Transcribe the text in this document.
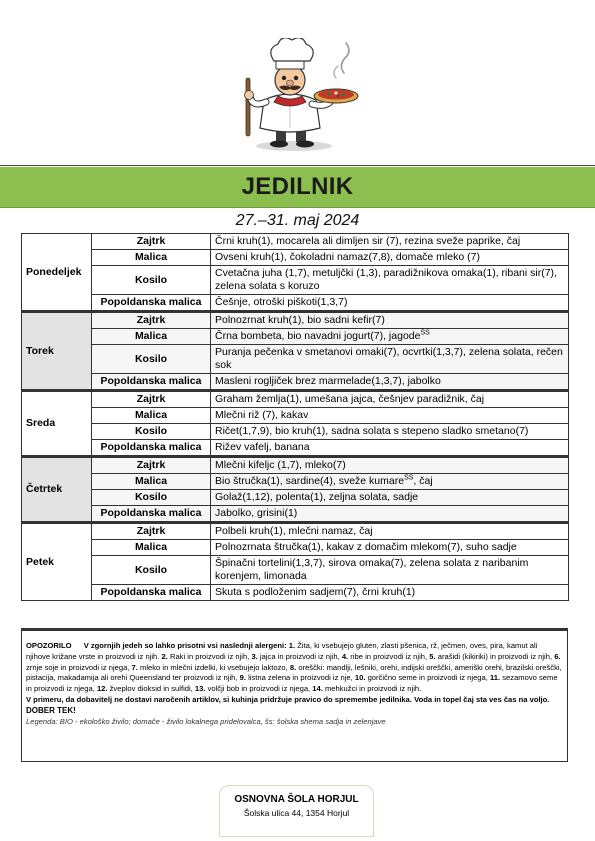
JEDILNIK
27.–31. maj 2024
Ponedeljek	Zajtrk	Črni kruh(1), mocarela ali dimljen sir (7), rezina sveže paprike, čaj
	Malica	Ovseni kruh(1), čokoladni namaz(7,8), domače mleko (7)
	Kosilo	Cvetačna juha (1,7), metuljčki (1,3), paradižnikova omaka(1), ribani sir(7), zelena solata s koruzo
	Popoldanska malica	Češnje, otroški piškoti(1,3,7)
Torek	Zajtrk	Polnozrnat kruh(1), bio sadni kefir(7)
	Malica	Črna bombeta, bio navadni jogurt(7), jagode$^{ŠS}$
	Kosilo	Puranja pečenka v smetanovi omaki(7), ocvrtki(1,3,7), zelena solata, rečen sok
	Popoldanska malica	Masleni rogljiček brez marmelade(1,3,7), jabolko
Sreda	Zajtrk	Graham žemlja(1), umešana jajca, češnjev paradižnik, čaj
	Malica	Mlečni riž (7), kakav
	Kosilo	Ričet(1,7,9), bio kruh(1), sadna solata s stepeno sladko smetano(7)
	Popoldanska malica	Rižev vafelj, banana
Četrtek	Zajtrk	Mlečni kifeljc (1,7), mleko(7)
	Malica	Bio štručka(1), sardine(4), sveže kumare$^{ŠS}$, čaj
	Kosilo	Golaž(1,12), polenta(1), zeljna solata, sadje
	Popoldanska malica	Jabolko, grisini(1)
Petek	Zajtrk	Polbeli kruh(1), mlečni namaz, čaj
	Malica	Polnozrnata štručka(1), kakav z domačim mlekom(7), suho sadje
	Kosilo	Špinačni tortelini(1,3,7), sirova omaka(7), zelena solata z naribanim korenjem, limonada
	Popoldanska malica	Skuta s podloženim sadjem(7), črni kruh(1)
OPOZORILO V zgornjih jedeh so lahko prisotni vsi naslednji alergeni: 1. Žita, ki vsebujejo gluten, zlasti pšenica, rž, ječmen, oves, pira, kamut ali njihove križane vrste in proizvodi iz njih. 2. Raki in proizvodi iz njih, 3. jajca in proizvodi iz njih, 4. ribe in proizvodi iz njih, 5. arašidi (kikiriki) in proizvodi iz njih, 6. zrnje soje in proizvodi iz njega, 7. mleko in mlečni izdelki, ki vsebujejo laktozo, 8. oreščki: mandlji, lešniki, orehi, indijski oreščki, ameriški orehi, brazilski oreščki, pistacija, makadamija ali orehi Queensland ter proizvodi iz njih, 9. listna zelena in proizvodi iz nje, 10. gorčično seme in proizvodi iz njega, 11. sezamovo seme in proizvodi iz njega, 12. žveplov dioksid in sulfidi, 13. volčji bob in proizvodi iz njega, 14. mehkužci in proizvodi iz njih.
V primeru, da dobavitelj ne dostavi naročenih artiklov, si kuhinja pridržuje pravico do spremembe jedilnika. Voda in topel čaj sta ves čas na voljo.
DOBER TEK!
Legenda: BIO - ekološko živilo; domače - živilo lokalnega pridelovalca, šs: šolska shema sadja in zelenjave
OSNOVNA ŠOLA HORJUL
Šolska ulica 44, 1354 Horjul
